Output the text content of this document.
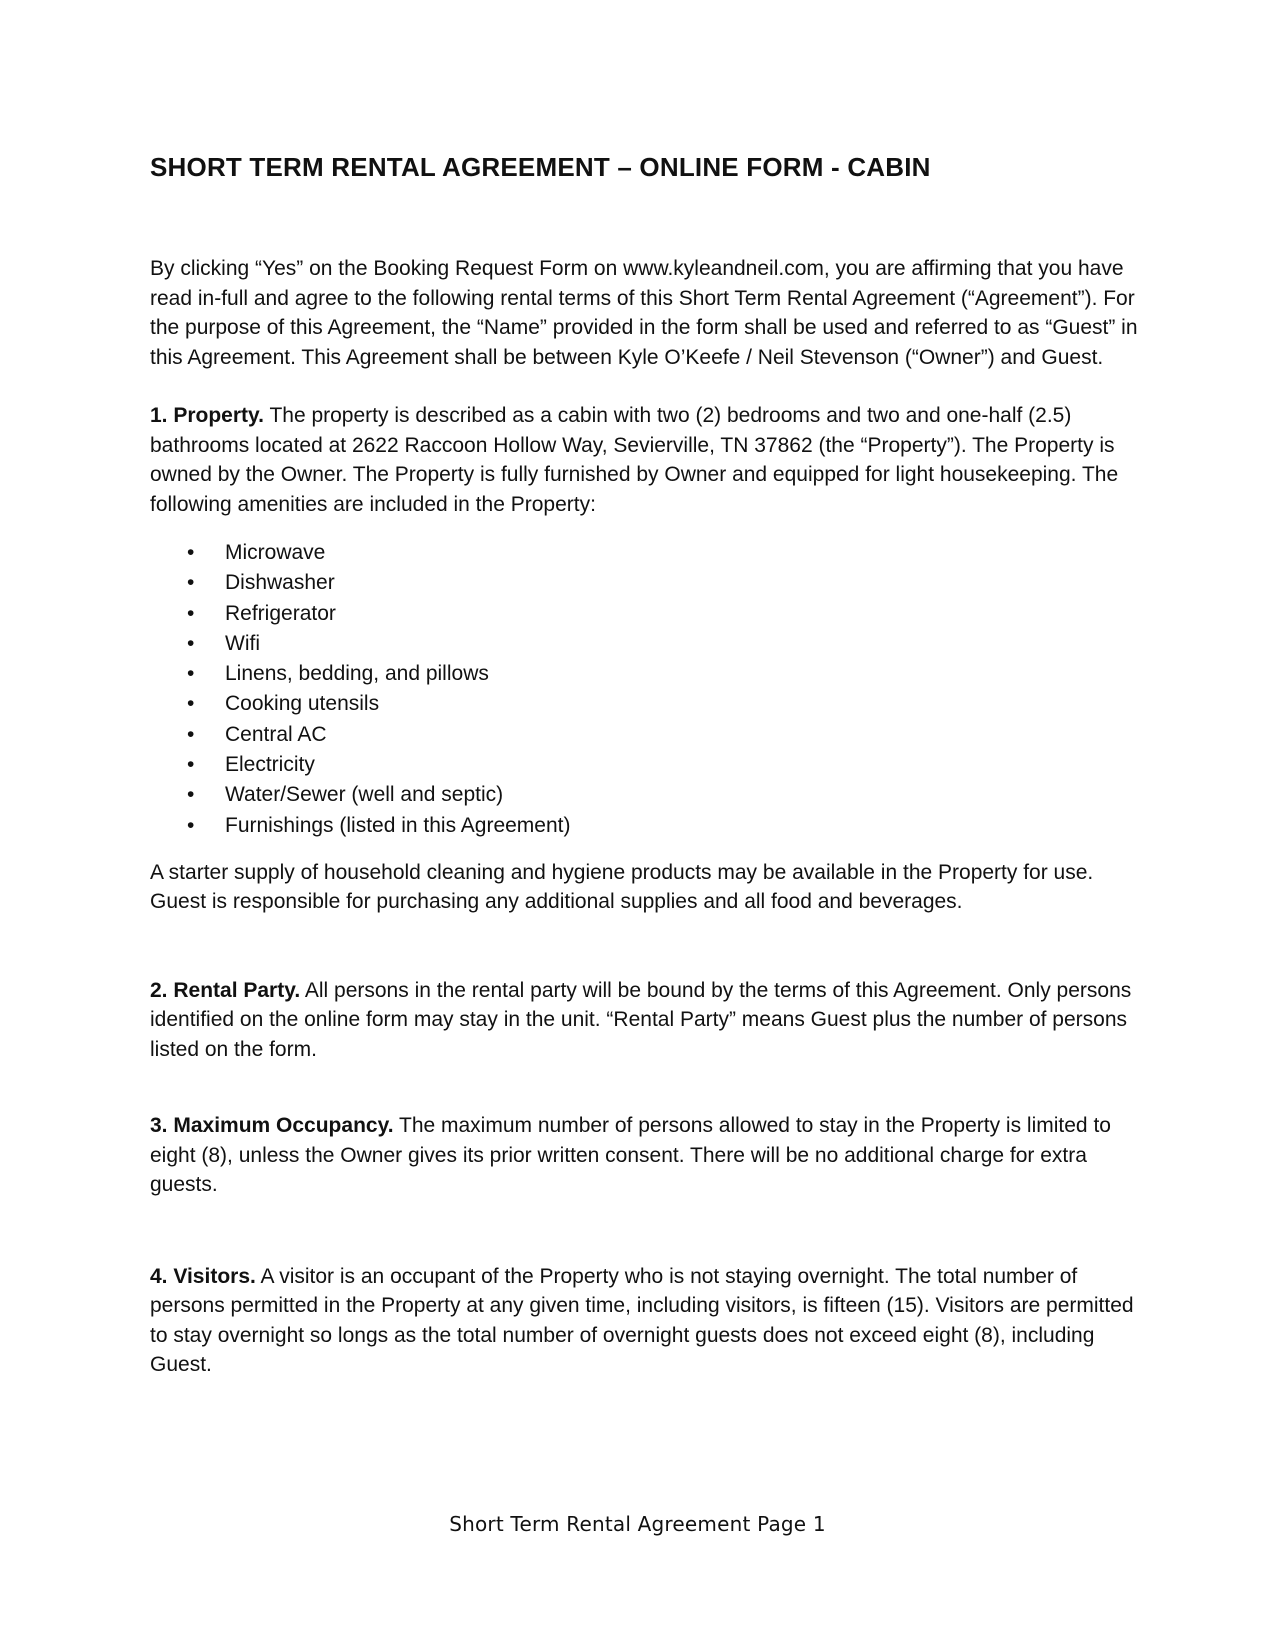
SHORT TERM RENTAL AGREEMENT – ONLINE FORM - CABIN

By clicking “Yes” on the Booking Request Form on www.kyleandneil.com, you are affirming that you have read in-full and agree to the following rental terms of this Short Term Rental Agreement (“Agreement”). For the purpose of this Agreement, the “Name” provided in the form shall be used and referred to as “Guest” in this Agreement. This Agreement shall be between Kyle O’Keefe / Neil Stevenson (“Owner”) and Guest.

1. Property. The property is described as a cabin with two (2) bedrooms and two and one-half (2.5) bathrooms located at 2622 Raccoon Hollow Way, Sevierville, TN 37862 (the “Property”). The Property is owned by the Owner. The Property is fully furnished by Owner and equipped for light housekeeping. The following amenities are included in the Property:

• Microwave
• Dishwasher
• Refrigerator
• Wifi
• Linens, bedding, and pillows
• Cooking utensils
• Central AC
• Electricity
• Water/Sewer (well and septic)
• Furnishings (listed in this Agreement)

A starter supply of household cleaning and hygiene products may be available in the Property for use. Guest is responsible for purchasing any additional supplies and all food and beverages.

2. Rental Party. All persons in the rental party will be bound by the terms of this Agreement. Only persons identified on the online form may stay in the unit. “Rental Party” means Guest plus the number of persons listed on the form.

3. Maximum Occupancy. The maximum number of persons allowed to stay in the Property is limited to eight (8), unless the Owner gives its prior written consent. There will be no additional charge for extra guests.

4. Visitors. A visitor is an occupant of the Property who is not staying overnight. The total number of persons permitted in the Property at any given time, including visitors, is fifteen (15). Visitors are permitted to stay overnight so longs as the total number of overnight guests does not exceed eight (8), including Guest.

Short Term Rental Agreement Page 1
